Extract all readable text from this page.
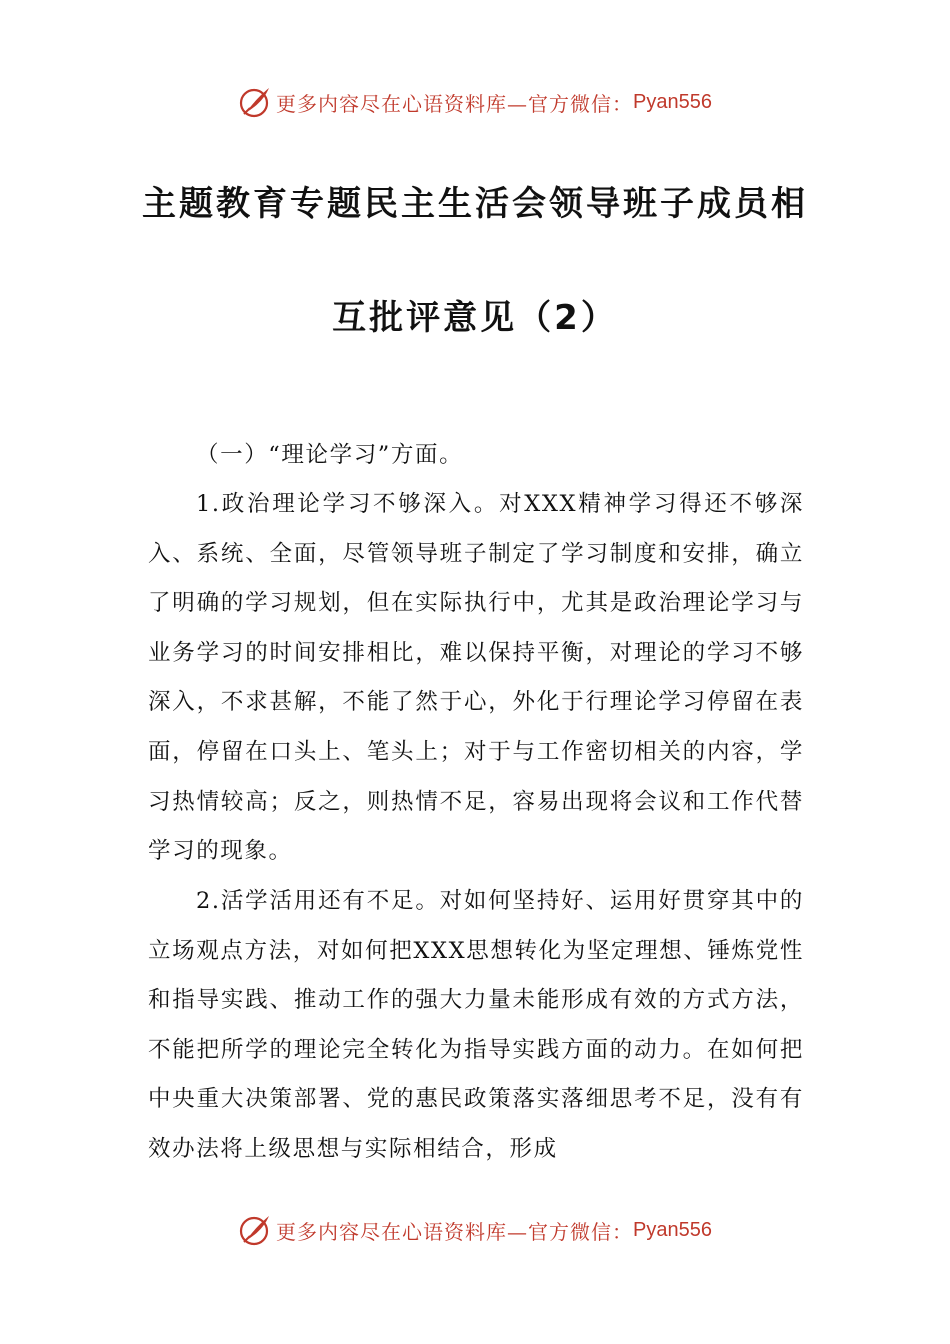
更多内容尽在心语资料库—官方微信： Pyan556
主题教育专题民主生活会领导班子成员相
互批评意见（2）
（一）“理论学习”方面。

1.政治理论学习不够深入。对XXX精神学习得还不够深入、系统、全面，尽管领导班子制定了学习制度和安排，确立了明确的学习规划，但在实际执行中，尤其是政治理论学习与业务学习的时间安排相比，难以保持平衡，对理论的学习不够深入，不求甚解，不能了然于心，外化于行理论学习停留在表面，停留在口头上、笔头上；对于与工作密切相关的内容，学习热情较高；反之，则热情不足，容易出现将会议和工作代替学习的现象。

2.活学活用还有不足。对如何坚持好、运用好贯穿其中的立场观点方法，对如何把XXX思想转化为坚定理想、锤炼党性和指导实践、推动工作的强大力量未能形成有效的方式方法，不能把所学的理论完全转化为指导实践方面的动力。在如何把中央重大决策部署、党的惠民政策落实落细思考不足，没有有效办法将上级思想与实际相结合，形成

更多内容尽在心语资料库—官方微信： Pyan556
